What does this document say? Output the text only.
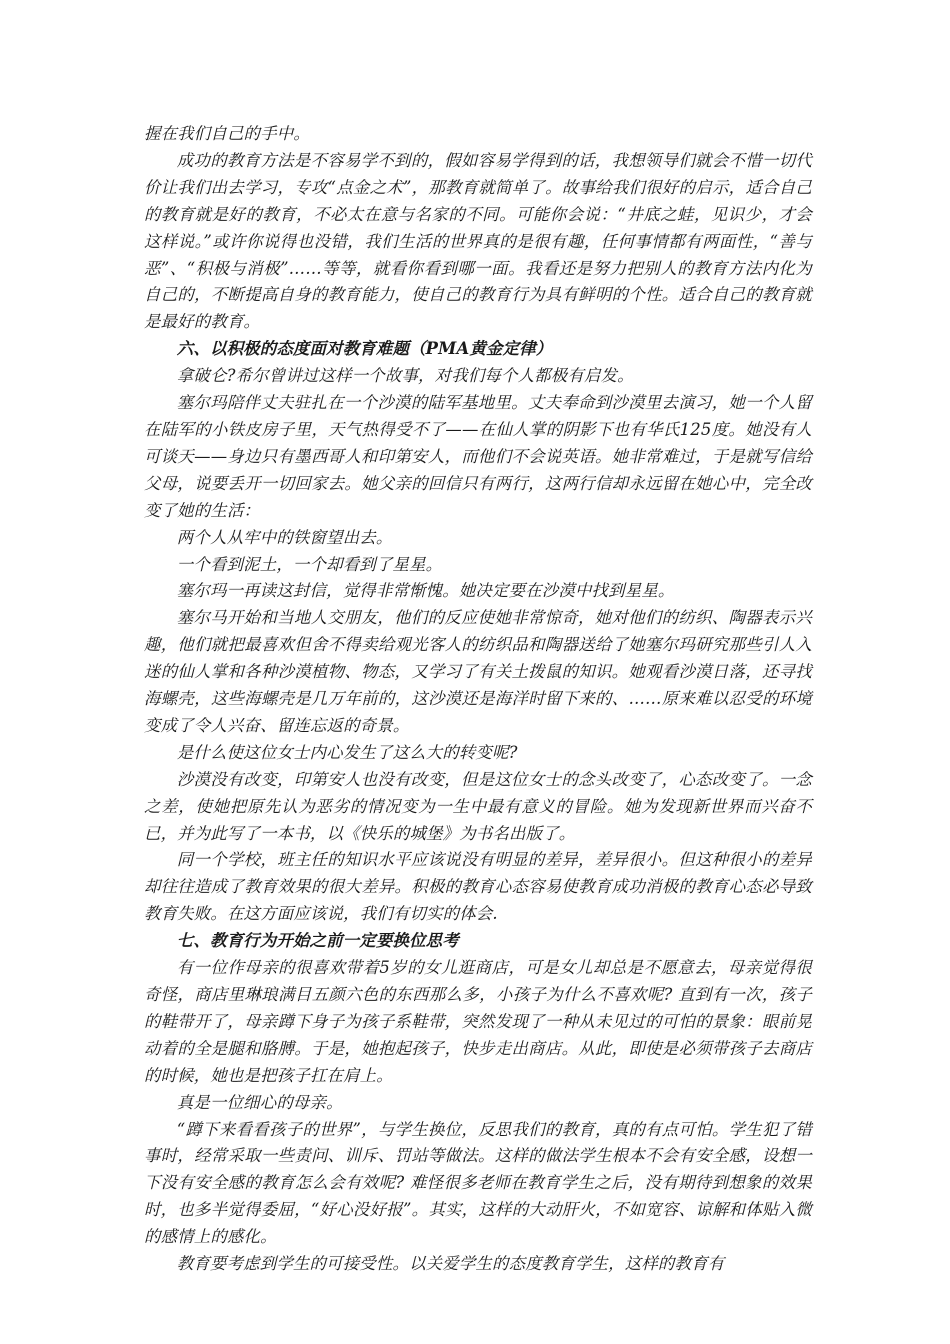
握在我们自己的手中。

成功的教育方法是不容易学不到的，假如容易学得到的话，我想领导们就会不惜一切代价让我们出去学习，专攻“点金之术”，那教育就简单了。故事给我们很好的启示，适合自己的教育就是好的教育，不必太在意与名家的不同。可能你会说：“井底之蛙，见识少，才会这样说。”或许你说得也没错，我们生活的世界真的是很有趣，任何事情都有两面性，“善与恶”、“积极与消极”……等等，就看你看到哪一面。我看还是努力把别人的教育方法内化为自己的，不断提高自身的教育能力，使自己的教育行为具有鲜明的个性。适合自己的教育就是最好的教育。

六、以积极的态度面对教育难题（PMA黄金定律）

拿破仑?希尔曾讲过这样一个故事，对我们每个人都极有启发。

塞尔玛陪伴丈夫驻扎在一个沙漠的陆军基地里。丈夫奉命到沙漠里去演习，她一个人留在陆军的小铁皮房子里，天气热得受不了——在仙人掌的阴影下也有华氏125度。她没有人可谈天——身边只有墨西哥人和印第安人，而他们不会说英语。她非常难过，于是就写信给父母，说要丢开一切回家去。她父亲的回信只有两行，这两行信却永远留在她心中，完全改变了她的生活：

两个人从牢中的铁窗望出去。

一个看到泥土，一个却看到了星星。

塞尔玛一再读这封信，觉得非常惭愧。她决定要在沙漠中找到星星。

塞尔马开始和当地人交朋友，他们的反应使她非常惊奇，她对他们的纺织、陶器表示兴趣，他们就把最喜欢但舍不得卖给观光客人的纺织品和陶器送给了她塞尔玛研究那些引人入迷的仙人掌和各种沙漠植物、物态，又学习了有关土拨鼠的知识。她观看沙漠日落，还寻找海螺壳，这些海螺壳是几万年前的，这沙漠还是海洋时留下来的、……原来难以忍受的环境变成了令人兴奋、留连忘返的奇景。

是什么使这位女士内心发生了这么大的转变呢?

沙漠没有改变，印第安人也没有改变，但是这位女士的念头改变了，心态改变了。一念之差，使她把原先认为恶劣的情况变为一生中最有意义的冒险。她为发现新世界而兴奋不已，并为此写了一本书，以《快乐的城堡》为书名出版了。

同一个学校，班主任的知识水平应该说没有明显的差异，差异很小。但这种很小的差异却往往造成了教育效果的很大差异。积极的教育心态容易使教育成功消极的教育心态必导致教育失败。在这方面应该说，我们有切实的体会.

七、教育行为开始之前一定要换位思考

有一位作母亲的很喜欢带着5岁的女儿逛商店，可是女儿却总是不愿意去，母亲觉得很奇怪，商店里琳琅满目五颜六色的东西那么多，小孩子为什么不喜欢呢? 直到有一次，孩子的鞋带开了，母亲蹲下身子为孩子系鞋带，突然发现了一种从未见过的可怕的景象：眼前晃动着的全是腿和胳膊。于是，她抱起孩子，快步走出商店。从此，即使是必须带孩子去商店的时候，她也是把孩子扛在肩上。

真是一位细心的母亲。

“蹲下来看看孩子的世界”，与学生换位，反思我们的教育，真的有点可怕。学生犯了错事时，经常采取一些责问、训斥、罚站等做法。这样的做法学生根本不会有安全感，设想一下没有安全感的教育怎么会有效呢? 难怪很多老师在教育学生之后，没有期待到想象的效果时，也多半觉得委屈，“好心没好报”。其实，这样的大动肝火，不如宽容、谅解和体贴入微的感情上的感化。

教育要考虑到学生的可接受性。以关爱学生的态度教育学生，这样的教育有
